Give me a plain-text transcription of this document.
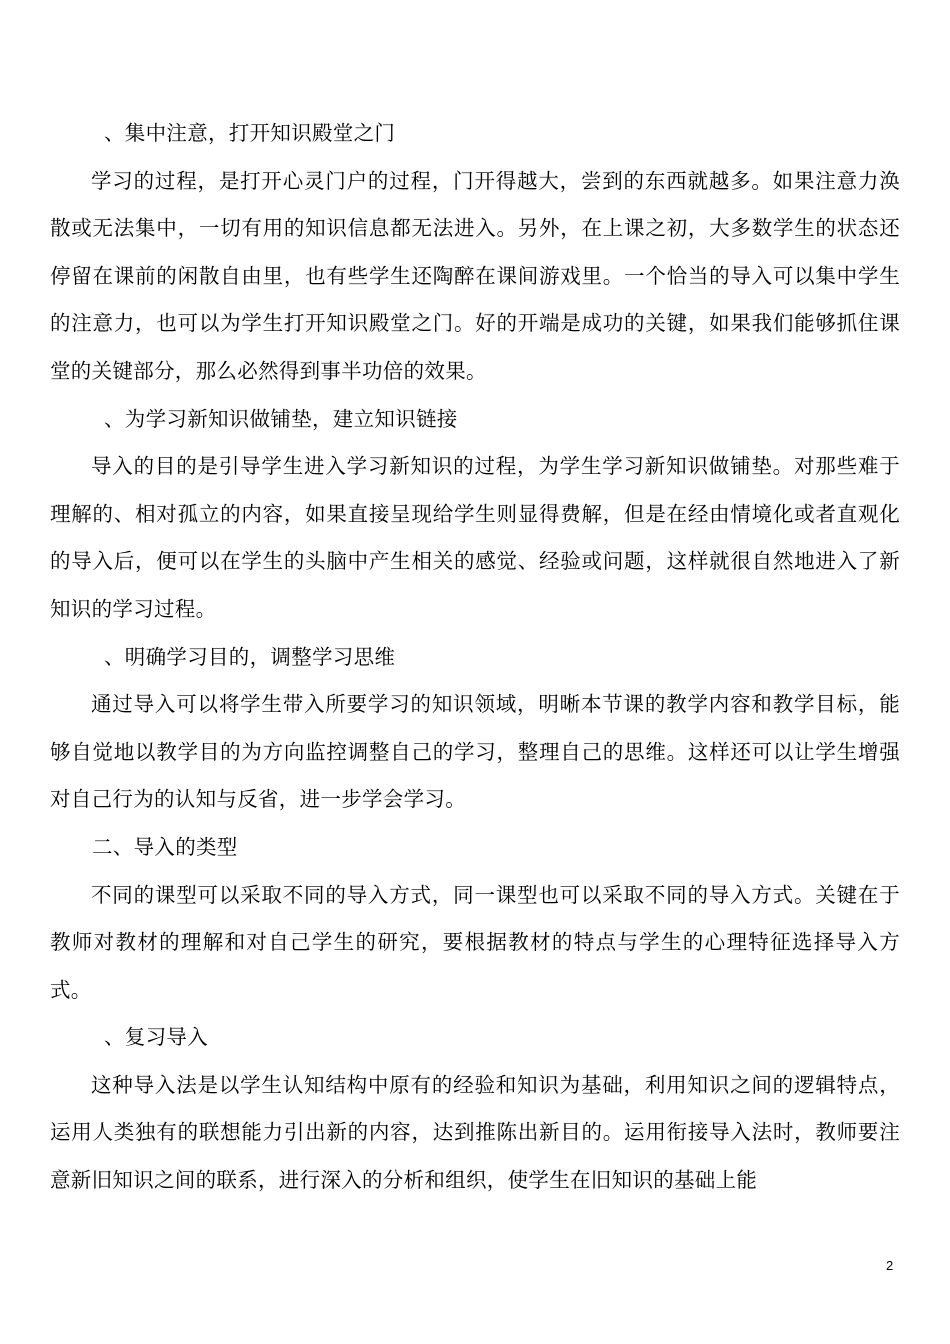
、集中注意，打开知识殿堂之门

学习的过程，是打开心灵门户的过程，门开得越大，尝到的东西就越多。如果注意力涣散或无法集中，一切有用的知识信息都无法进入。另外，在上课之初，大多数学生的状态还停留在课前的闲散自由里，也有些学生还陶醉在课间游戏里。一个恰当的导入可以集中学生的注意力，也可以为学生打开知识殿堂之门。好的开端是成功的关键，如果我们能够抓住课堂的关键部分，那么必然得到事半功倍的效果。

、为学习新知识做铺垫，建立知识链接

导入的目的是引导学生进入学习新知识的过程，为学生学习新知识做铺垫。对那些难于理解的、相对孤立的内容，如果直接呈现给学生则显得费解，但是在经由情境化或者直观化的导入后，便可以在学生的头脑中产生相关的感觉、经验或问题，这样就很自然地进入了新知识的学习过程。

、明确学习目的，调整学习思维

通过导入可以将学生带入所要学习的知识领域，明晰本节课的教学内容和教学目标，能够自觉地以教学目的为方向监控调整自己的学习，整理自己的思维。这样还可以让学生增强对自己行为的认知与反省，进一步学会学习。

二、导入的类型

不同的课型可以采取不同的导入方式，同一课型也可以采取不同的导入方式。关键在于教师对教材的理解和对自己学生的研究，要根据教材的特点与学生的心理特征选择导入方式。

、复习导入

这种导入法是以学生认知结构中原有的经验和知识为基础，利用知识之间的逻辑特点，运用人类独有的联想能力引出新的内容，达到推陈出新目的。运用衔接导入法时，教师要注意新旧知识之间的联系，进行深入的分析和组织，使学生在旧知识的基础上能

2
